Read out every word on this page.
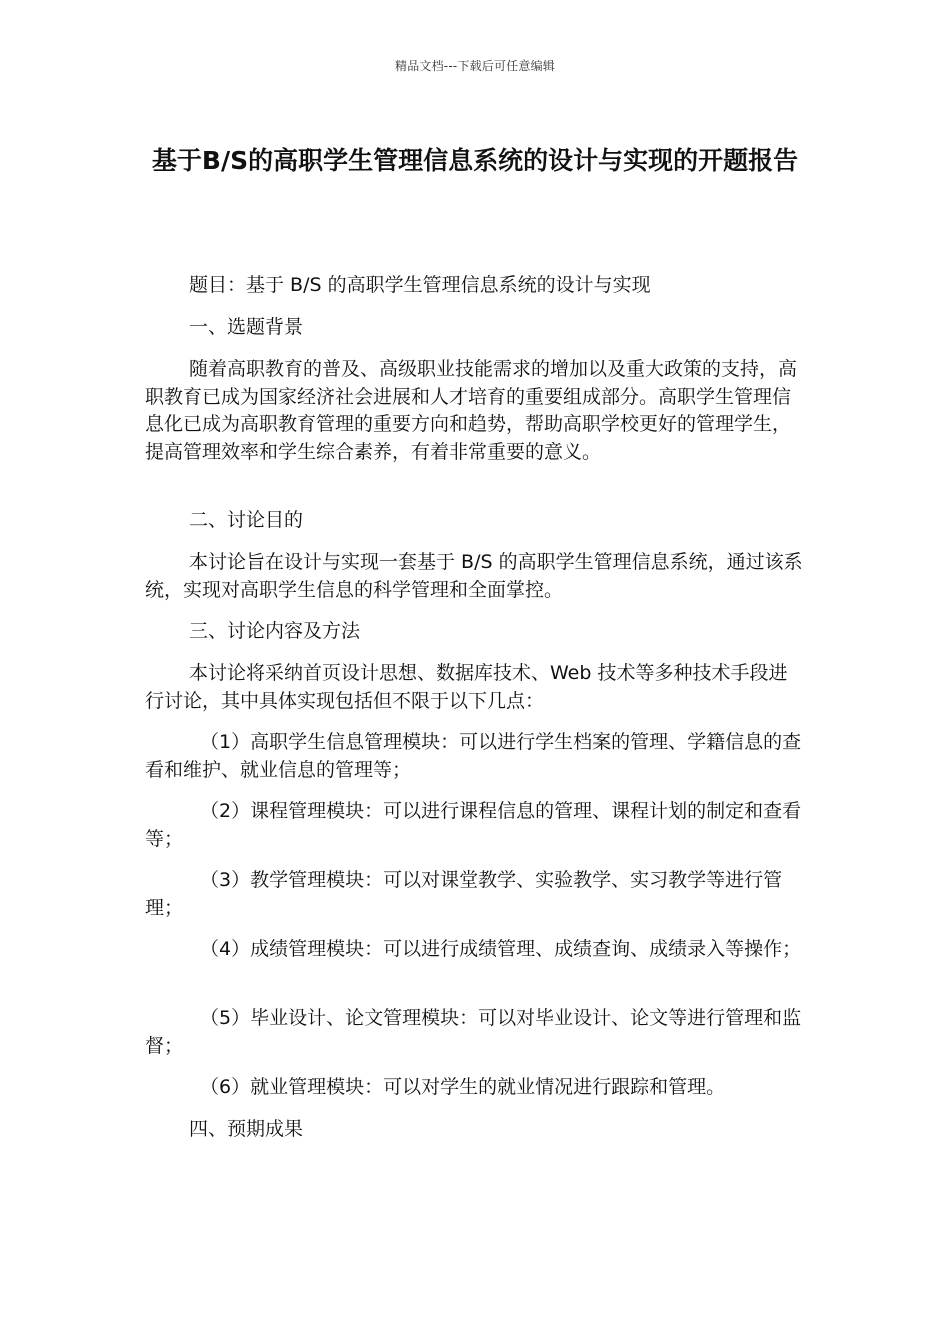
精品文档---下载后可任意编辑
基于B/S的高职学生管理信息系统的设计与实现的开题报告

题目：基于 B/S 的高职学生管理信息系统的设计与实现

一、选题背景

随着高职教育的普及、高级职业技能需求的增加以及重大政策的支持，高职教育已成为国家经济社会进展和人才培育的重要组成部分。高职学生管理信息化已成为高职教育管理的重要方向和趋势，帮助高职学校更好的管理学生，提高管理效率和学生综合素养，有着非常重要的意义。

二、讨论目的

本讨论旨在设计与实现一套基于 B/S 的高职学生管理信息系统，通过该系统，实现对高职学生信息的科学管理和全面掌控。

三、讨论内容及方法

本讨论将采纳首页设计思想、数据库技术、Web 技术等多种技术手段进行讨论，其中具体实现包括但不限于以下几点：

（1）高职学生信息管理模块：可以进行学生档案的管理、学籍信息的查看和维护、就业信息的管理等；

（2）课程管理模块：可以进行课程信息的管理、课程计划的制定和查看等；

（3）教学管理模块：可以对课堂教学、实验教学、实习教学等进行管理；

（4）成绩管理模块：可以进行成绩管理、成绩查询、成绩录入等操作；

（5）毕业设计、论文管理模块：可以对毕业设计、论文等进行管理和监督；

（6）就业管理模块：可以对学生的就业情况进行跟踪和管理。

四、预期成果
